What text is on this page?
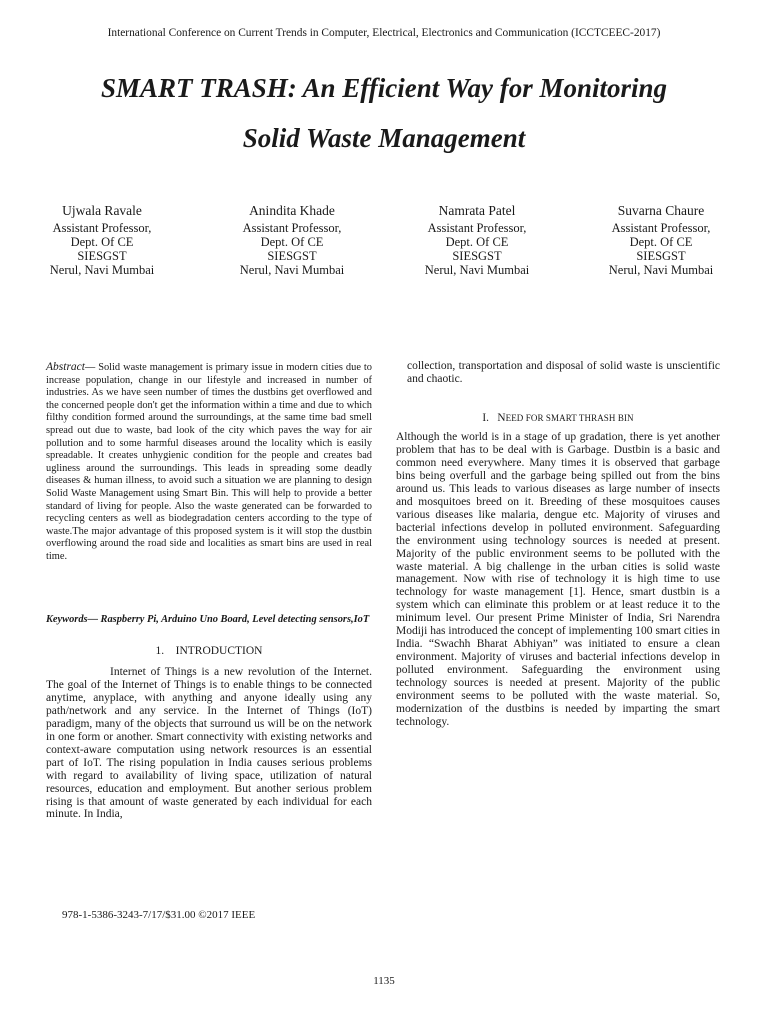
International Conference on Current Trends in Computer, Electrical, Electronics and Communication (ICCTCEEC-2017)
SMART TRASH: An Efficient Way for Monitoring
Solid Waste Management
Ujwala Ravale
Assistant Professor,
Dept. Of CE
SIESGST
Nerul, Navi Mumbai
Anindita Khade
Assistant Professor,
Dept. Of CE
SIESGST
Nerul, Navi Mumbai
Namrata Patel
Assistant Professor,
Dept. Of CE
SIESGST
Nerul, Navi Mumbai
Suvarna Chaure
Assistant Professor,
Dept. Of CE
SIESGST
Nerul, Navi Mumbai
Abstract— Solid waste management is primary issue in modern cities due to increase population, change in our lifestyle and increased in number of industries. As we have seen number of times the dustbins get overflowed and the concerned people don't get the information within a time and due to which filthy condition formed around the surroundings, at the same time bad smell spread out due to waste, bad look of the city which paves the way for air pollution and to some harmful diseases around the locality which is easily spreadable. It creates unhygienic condition for the people and creates bad ugliness around the surroundings. This leads in spreading some deadly diseases & human illness, to avoid such a situation we are planning to design Solid Waste Management using Smart Bin. This will help to provide a better standard of living for people. Also the waste generated can be forwarded to recycling centers as well as biodegradation centers according to the type of waste.The major advantage of this proposed system is it will stop the dustbin overflowing around the road side and localities as smart bins are used in real time.
Keywords— Raspberry Pi, Arduino Uno Board, Level detecting sensors,IoT
1.    INTRODUCTION
Internet of Things is a new revolution of the Internet. The goal of the Internet of Things is to enable things to be connected anytime, anyplace, with anything and anyone ideally using any path/network and any service. In the Internet of Things (IoT) paradigm, many of the objects that surround us will be on the network in one form or another. Smart connectivity with existing networks and context-aware computation using network resources is an essential part of IoT. The rising population in India causes serious problems with regard to availability of living space, utilization of natural resources, education and employment. But another serious problem rising is that amount of waste generated by each individual for each minute. In India,
collection, transportation and disposal of solid waste is unscientific and chaotic.
I. NEED FOR SMART THRASH BIN
Although the world is in a stage of up gradation, there is yet another problem that has to be deal with is Garbage. Dustbin is a basic and common need everywhere. Many times it is observed that garbage bins being overfull and the garbage being spilled out from the bins around us. This leads to various diseases as large number of insects and mosquitoes breed on it. Breeding of these mosquitoes causes various diseases like malaria, dengue etc. Majority of viruses and bacterial infections develop in polluted environment. Safeguarding the environment using technology sources is needed at present. Majority of the public environment seems to be polluted with the waste material. A big challenge in the urban cities is solid waste management. Now with rise of technology it is high time to use technology for waste management [1]. Hence, smart dustbin is a system which can eliminate this problem or at least reduce it to the minimum level. Our present Prime Minister of India, Sri Narendra Modiji has introduced the concept of implementing 100 smart cities in India. “Swachh Bharat Abhiyan” was initiated to ensure a clean environment. Majority of viruses and bacterial infections develop in polluted environment. Safeguarding the environment using technology sources is needed at present. Majority of the public environment seems to be polluted with the waste material. So, modernization of the dustbins is needed by imparting the smart technology.
978-1-5386-3243-7/17/$31.00 ©2017 IEEE
1135
